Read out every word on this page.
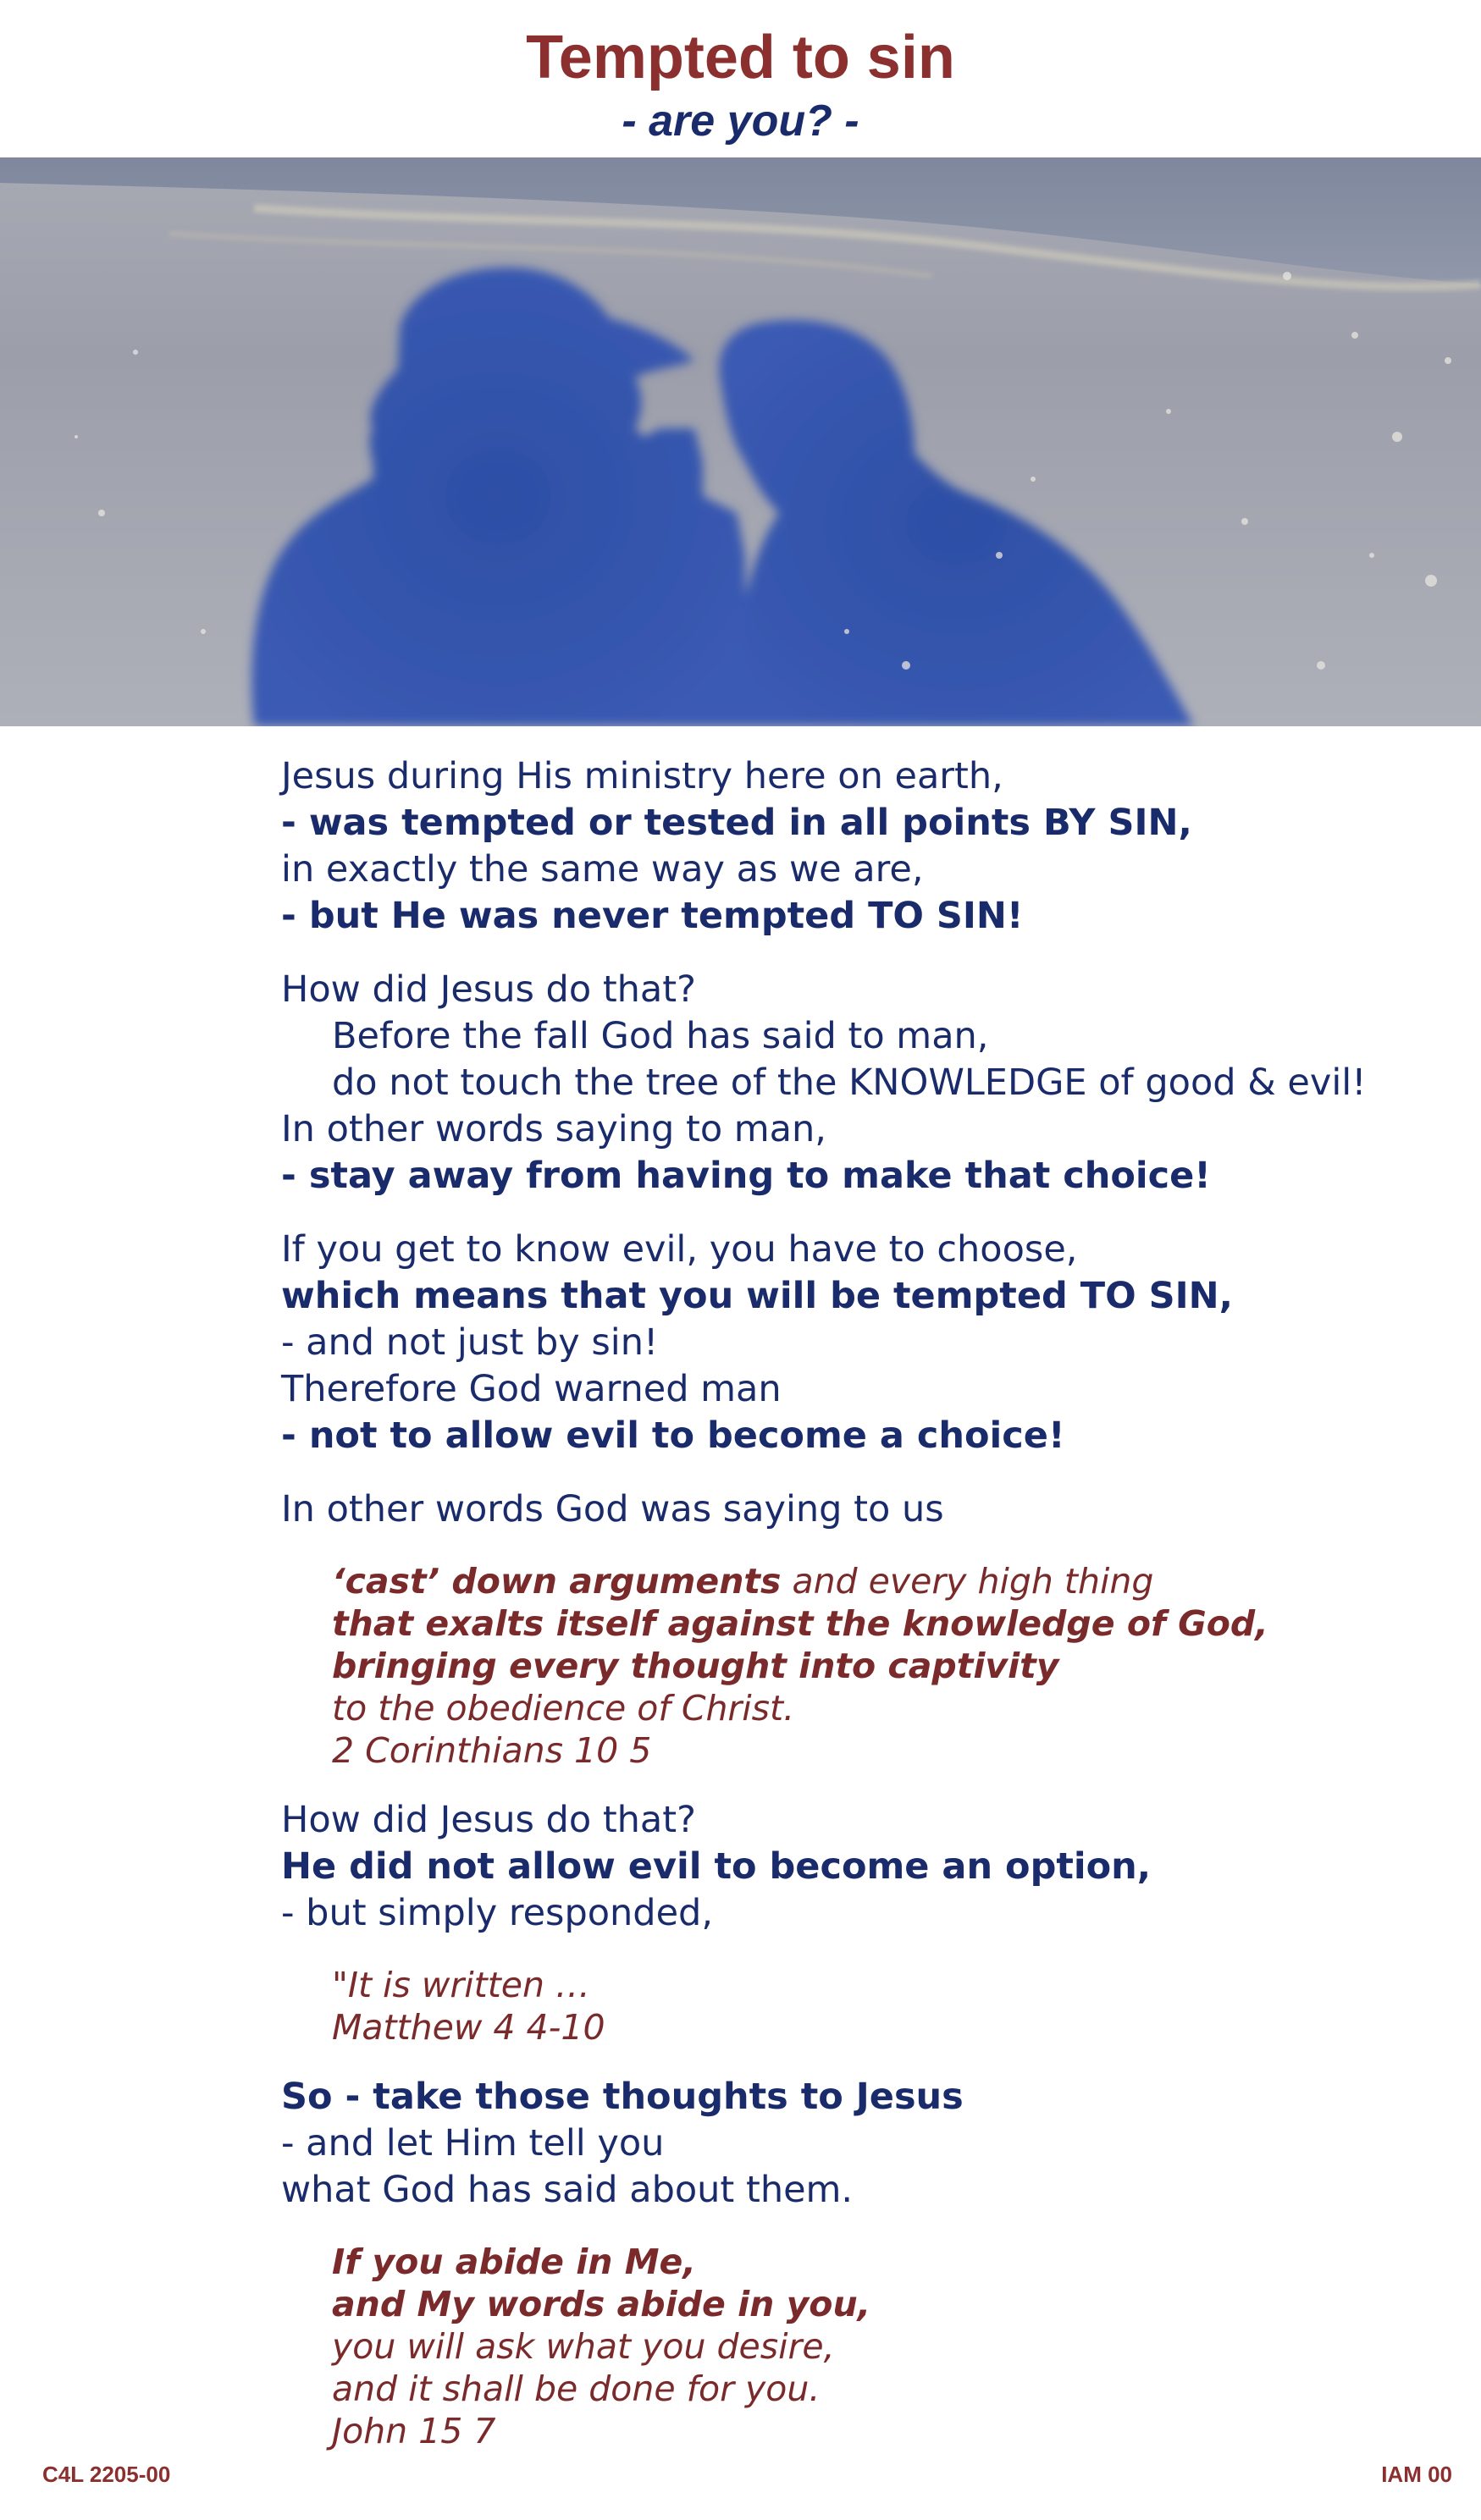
Tempted to sin
- are you? -
Jesus during His ministry here on earth,
- was tempted or tested in all points BY SIN,
in exactly the same way as we are,
- but He was never tempted TO SIN!
How did Jesus do that?
Before the fall God has said to man,
do not touch the tree of the KNOWLEDGE of good & evil!
In other words saying to man,
- stay away from having to make that choice!
If you get to know evil, you have to choose,
which means that you will be tempted TO SIN,
- and not just by sin!
Therefore God warned man
- not to allow evil to become a choice!
In other words God was saying to us
‘cast’ down arguments and every high thing
that exalts itself against the knowledge of God,
bringing every thought into captivity
to the obedience of Christ.
2 Corinthians 10 5
How did Jesus do that?
He did not allow evil to become an option,
- but simply responded,
"It is written …
Matthew 4 4-10
So - take those thoughts to Jesus
- and let Him tell you
what God has said about them.
If you abide in Me,
and My words abide in you,
you will ask what you desire,
and it shall be done for you.
John 15 7
C4L 2205-00	IAM 00
